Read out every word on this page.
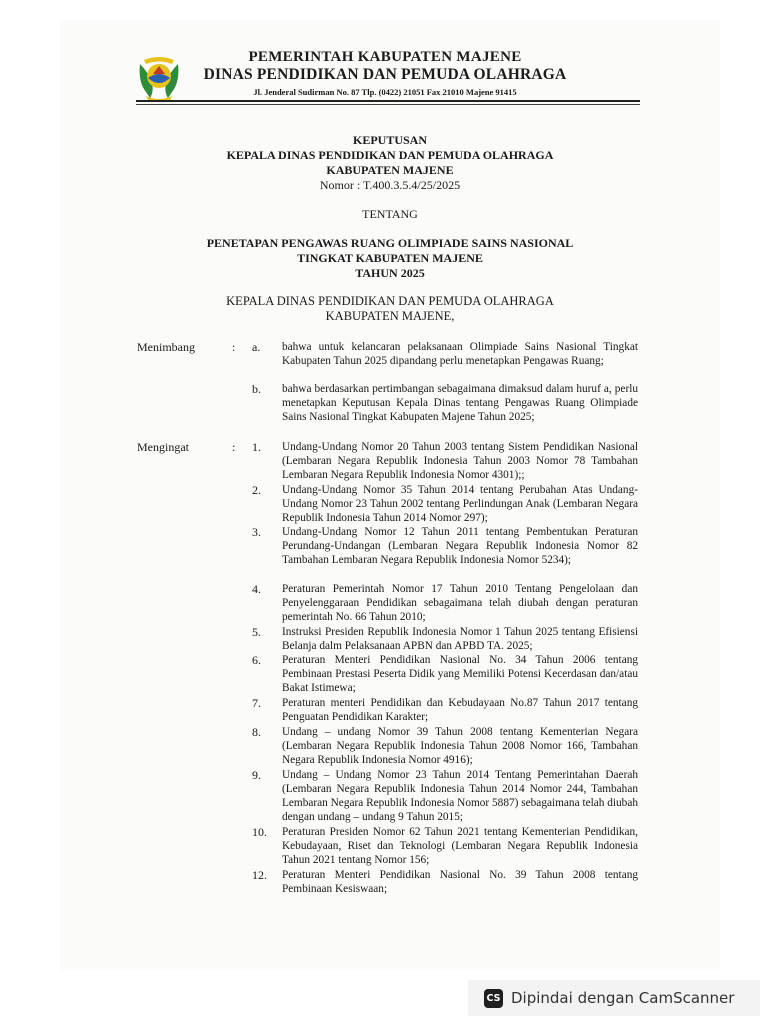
PEMERINTAH KABUPATEN MAJENE
DINAS PENDIDIKAN DAN PEMUDA OLAHRAGA
Jl. Jenderal Sudirman No. 87 Tlp. (0422) 21051 Fax 21010 Majene 91415
KEPUTUSAN
KEPALA DINAS PENDIDIKAN DAN PEMUDA OLAHRAGA
KABUPATEN MAJENE
Nomor : T.400.3.5.4/25/2025
TENTANG
PENETAPAN PENGAWAS RUANG OLIMPIADE SAINS NASIONAL
TINGKAT KABUPATEN MAJENE
TAHUN 2025
KEPALA DINAS PENDIDIKAN DAN PEMUDA OLAHRAGA
KABUPATEN MAJENE,
Menimbang	: a. bahwa untuk kelancaran pelaksanaan Olimpiade Sains Nasional Tingkat Kabupaten Tahun 2025 dipandang perlu menetapkan Pengawas Ruang;
b. bahwa berdasarkan pertimbangan sebagaimana dimaksud dalam huruf a, perlu menetapkan Keputusan Kepala Dinas tentang Pengawas Ruang Olimpiade Sains Nasional Tingkat Kabupaten Majene Tahun 2025;
Mengingat	: 1. Undang-Undang Nomor 20 Tahun 2003 tentang Sistem Pendidikan Nasional (Lembaran Negara Republik Indonesia Tahun 2003 Nomor 78 Tambahan Lembaran Negara Republik Indonesia Nomor 4301);;
2. Undang-Undang Nomor 35 Tahun 2014 tentang Perubahan Atas Undang-Undang Nomor 23 Tahun 2002 tentang Perlindungan Anak (Lembaran Negara Republik Indonesia Tahun 2014 Nomor 297);
3. Undang-Undang Nomor 12 Tahun 2011 tentang Pembentukan Peraturan Perundang-Undangan (Lembaran Negara Republik Indonesia Nomor 82 Tambahan Lembaran Negara Republik Indonesia Nomor 5234);
4. Peraturan Pemerintah Nomor 17 Tahun 2010 Tentang Pengelolaan dan Penyelenggaraan Pendidikan sebagaimana telah diubah dengan peraturan pemerintah No. 66 Tahun 2010;
5. Instruksi Presiden Republik Indonesia Nomor 1 Tahun 2025 tentang Efisiensi Belanja dalm Pelaksanaan APBN dan APBD TA. 2025;
6. Peraturan Menteri Pendidikan Nasional No. 34 Tahun 2006 tentang Pembinaan Prestasi Peserta Didik yang Memiliki Potensi Kecerdasan dan/atau Bakat Istimewa;
7. Peraturan menteri Pendidikan dan Kebudayaan No.87 Tahun 2017 tentang Penguatan Pendidikan Karakter;
8. Undang – undang Nomor 39 Tahun 2008 tentang Kementerian Negara (Lembaran Negara Republik Indonesia Tahun 2008 Nomor 166, Tambahan Negara Republik Indonesia Nomor 4916);
9. Undang – Undang Nomor 23 Tahun 2014 Tentang Pemerintahan Daerah (Lembaran Negara Republik Indonesia Tahun 2014 Nomor 244, Tambahan Lembaran Negara Republik Indonesia Nomor 5887) sebagaimana telah diubah dengan undang – undang 9 Tahun 2015;
10. Peraturan Presiden Nomor 62 Tahun 2021 tentang Kementerian Pendidikan, Kebudayaan, Riset dan Teknologi (Lembaran Negara Republik Indonesia Tahun 2021 tentang Nomor 156;
12. Peraturan Menteri Pendidikan Nasional No. 39 Tahun 2008 tentang Pembinaan Kesiswaan;
CS Dipindai dengan CamScanner
